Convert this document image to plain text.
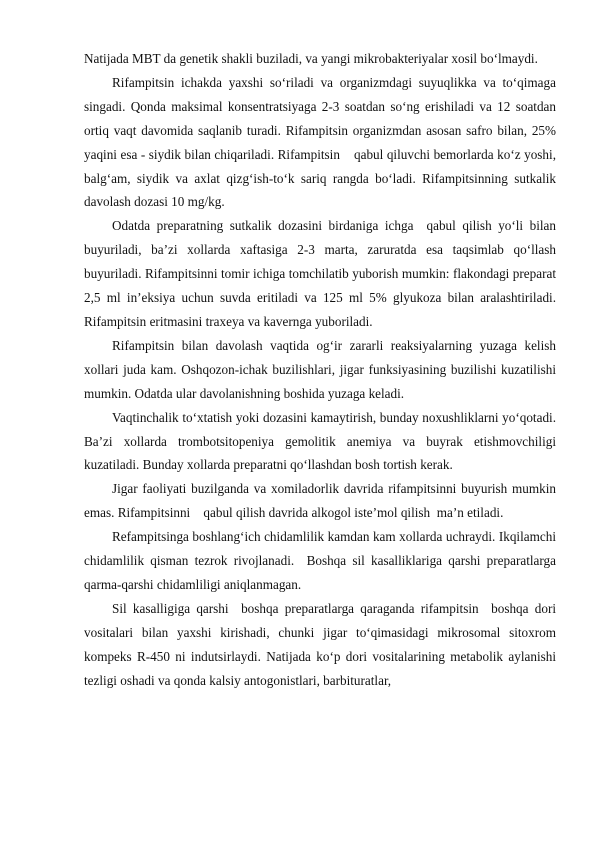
Natijada MBT da genetik shakli buziladi, va yangi mikrobakteriyalar xosil bo‘lmaydi.

Rifampitsin ichakda yaxshi so‘riladi va organizmdagi suyuqlikka va to‘qimaga singadi. Qonda maksimal konsentratsiyaga 2-3 soatdan so‘ng erishiladi va 12 soatdan ortiq vaqt davomida saqlanib turadi. Rifampitsin organizmdan asosan safro bilan, 25% yaqini esa - siydik bilan chiqariladi. Rifampitsin    qabul qiluvchi bemorlarda ko‘z yoshi, balg‘am, siydik va axlat qizg‘ish-to‘k sariq rangda bo‘ladi. Rifampitsinning sutkalik davolash dozasi 10 mg/kg.

Odatda preparatning sutkalik dozasini birdaniga ichga  qabul qilish yo‘li bilan buyuriladi, ba’zi xollarda xaftasiga 2-3 marta, zaruratda esa taqsimlab qo‘llash buyuriladi. Rifampitsinni tomir ichiga tomchilatib yuborish mumkin: flakondagi preparat 2,5 ml in’eksiya uchun suvda eritiladi va 125 ml 5% glyukoza bilan aralashtiriladi. Rifampitsin eritmasini traxeya va kavernga yuboriladi.

Rifampitsin bilan davolash vaqtida og‘ir zararli reaksiyalarning yuzaga kelish xollari juda kam. Oshqozon-ichak buzilishlari, jigar funksiyasining buzilishi kuzatilishi mumkin. Odatda ular davolanishning boshida yuzaga keladi.

Vaqtinchalik to‘xtatish yoki dozasini kamaytirish, bunday noxushliklarni yo‘qotadi. Ba’zi xollarda trombotsitopeniya gemolitik anemiya va buyrak etishmovchiligi kuzatiladi. Bunday xollarda preparatni qo‘llashdan bosh tortish kerak.

Jigar faoliyati buzilganda va xomiladorlik davrida rifampitsinni buyurish mumkin emas. Rifampitsinni    qabul qilish davrida alkogol iste’mol qilish  ma’n etiladi.

Refampitsinga boshlang‘ich chidamlilik kamdan kam xollarda uchraydi. Ikqilamchi chidamlilik qisman tezrok rivojlanadi.  Boshqa sil kasalliklariga qarshi preparatlarga qarma-qarshi chidamliligi aniqlanmagan.

Sil kasalligiga qarshi  boshqa preparatlarga qaraganda rifampitsin  boshqa dori vositalari bilan yaxshi kirishadi, chunki jigar to‘qimasidagi mikrosomal sitoxrom kompeks R-450 ni indutsirlaydi. Natijada ko‘p dori vositalarining metabolik aylanishi tezligi oshadi va qonda kalsiy antogonistlari, barbituratlar,
